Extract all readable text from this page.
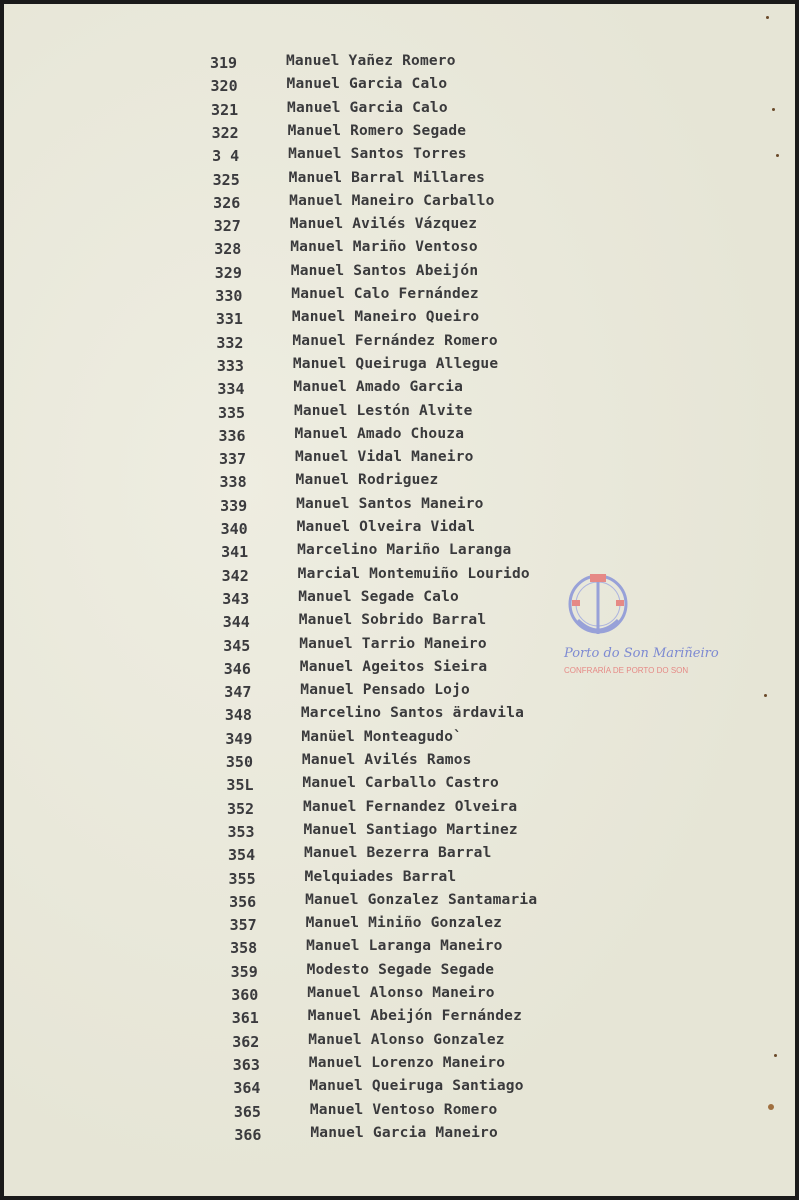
319	Manuel Yañez Romero
320	Manuel Garcia Calo
321	Manuel Garcia Calo
322	Manuel Romero Segade
3 4	Manuel Santos Torres
325	Manuel Barral Millares
326	Manuel Maneiro Carballo
327	Manuel Avilés Vázquez
328	Manuel Mariño Ventoso
329	Manuel Santos Abeijón
330	Manuel Calo Fernández
331	Manuel Maneiro Queiro
332	Manuel Fernández Romero
333	Manuel Queiruga Allegue
334	Manuel Amado Garcia
335	Manuel Lestón Alvite
336	Manuel Amado Chouza
337	Manuel Vidal Maneiro
338	Manuel Rodriguez
339	Manuel Santos Maneiro
340	Manuel Olveira Vidal
341	Marcelino Mariño Laranga
342	Marcial Montemuiño Lourido
343	Manuel Segade Calo
344	Manuel Sobrido Barral
345	Manuel Tarrio Maneiro
346	Manuel Ageitos Sieira
347	Manuel Pensado Lojo
348	Marcelino Santos ärdavila
349	Manüel Monteagudo`
350	Manuel Avilés Ramos
35L	Manuel Carballo Castro
352	Manuel Fernandez Olveira
353	Manuel Santiago Martinez
354	Manuel Bezerra Barral
355	Melquiades Barral
356	Manuel Gonzalez Santamaria
357	Manuel Miniño Gonzalez
358	Manuel Laranga Maneiro
359	Modesto Segade Segade
360	Manuel Alonso Maneiro
361	Manuel Abeijón Fernández
362	Manuel Alonso Gonzalez
363	Manuel Lorenzo Maneiro
364	Manuel Queiruga Santiago
365	Manuel Ventoso Romero
366	Manuel Garcia Maneiro
Porto do Son Mariñeiro
CONFRARÍA DE PORTO DO SON
